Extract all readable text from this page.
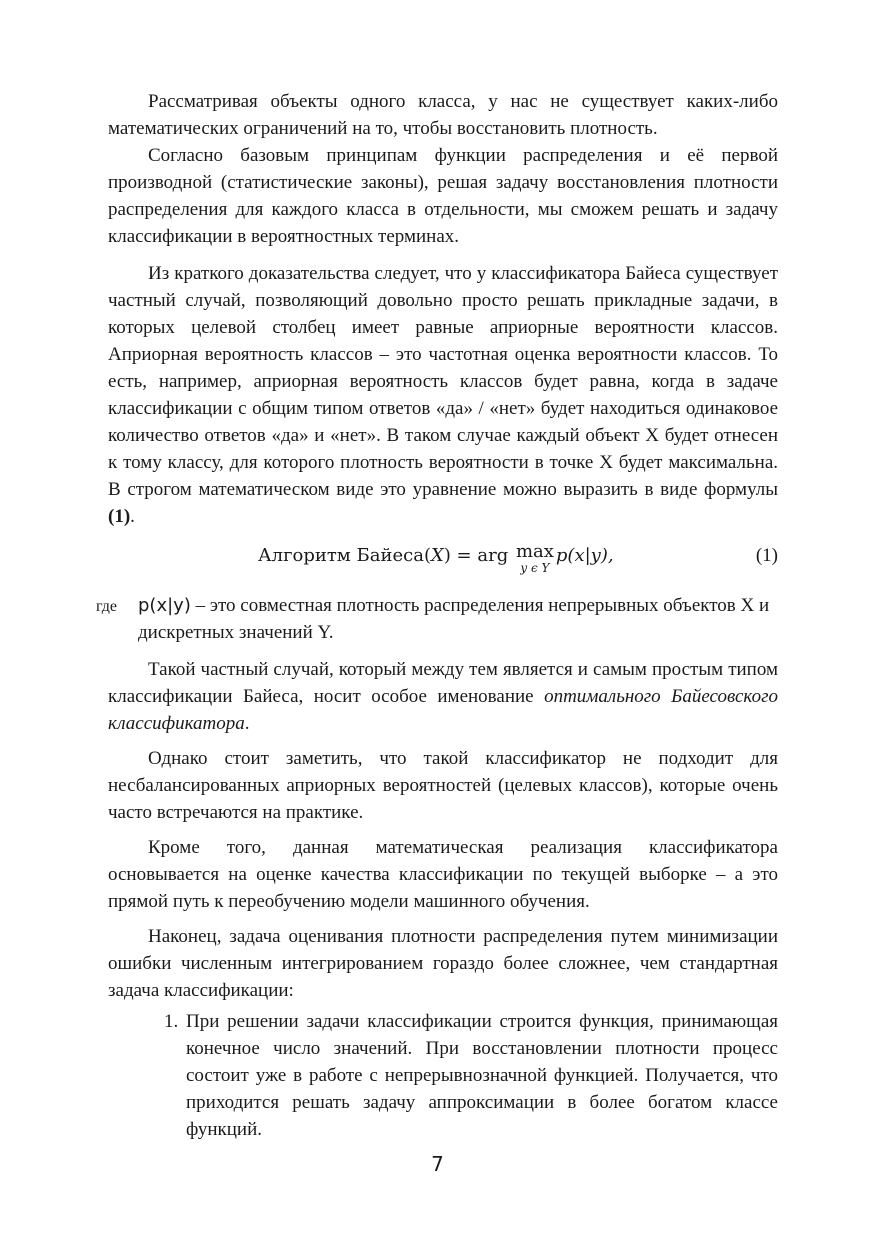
Рассматривая объекты одного класса, у нас не существует каких-либо математических ограничений на то, чтобы восстановить плотность.

Согласно базовым принципам функции распределения и её первой производной (статистические законы), решая задачу восстановления плотности распределения для каждого класса в отдельности, мы сможем решать и задачу классификации в вероятностных терминах.

Из краткого доказательства следует, что у классификатора Байеса существует частный случай, позволяющий довольно просто решать прикладные задачи, в которых целевой столбец имеет равные априорные вероятности классов. Априорная вероятность классов – это частотная оценка вероятности классов. То есть, например, априорная вероятность классов будет равна, когда в задаче классификации с общим типом ответов «да» / «нет» будет находиться одинаковое количество ответов «да» и «нет». В таком случае каждый объект X будет отнесен к тому классу, для которого плотность вероятности в точке X будет максимальна. В строгом математическом виде это уравнение можно выразить в виде формулы (1).

Алгоритм Байеса(X) = arg max
y ϵ Y
p(x|y),	(1)
где	p(x|y) – это совместная плотность распределения непрерывных объектов X и дискретных значений Y.

Такой частный случай, который между тем является и самым простым типом классификации Байеса, носит особое именование оптимального Байесовского классификатора.

Однако стоит заметить, что такой классификатор не подходит для несбалансированных априорных вероятностей (целевых классов), которые очень часто встречаются на практике.

Кроме того, данная математическая реализация классификатора основывается на оценке качества классификации по текущей выборке – а это прямой путь к переобучению модели машинного обучения.

Наконец, задача оценивания плотности распределения путем минимизации ошибки численным интегрированием гораздо более сложнее, чем стандартная задача классификации:

1. При решении задачи классификации строится функция, принимающая конечное число значений. При восстановлении плотности процесс состоит уже в работе с непрерывнозначной функцией. Получается, что приходится решать задачу аппроксимации в более богатом классе функций.
7
